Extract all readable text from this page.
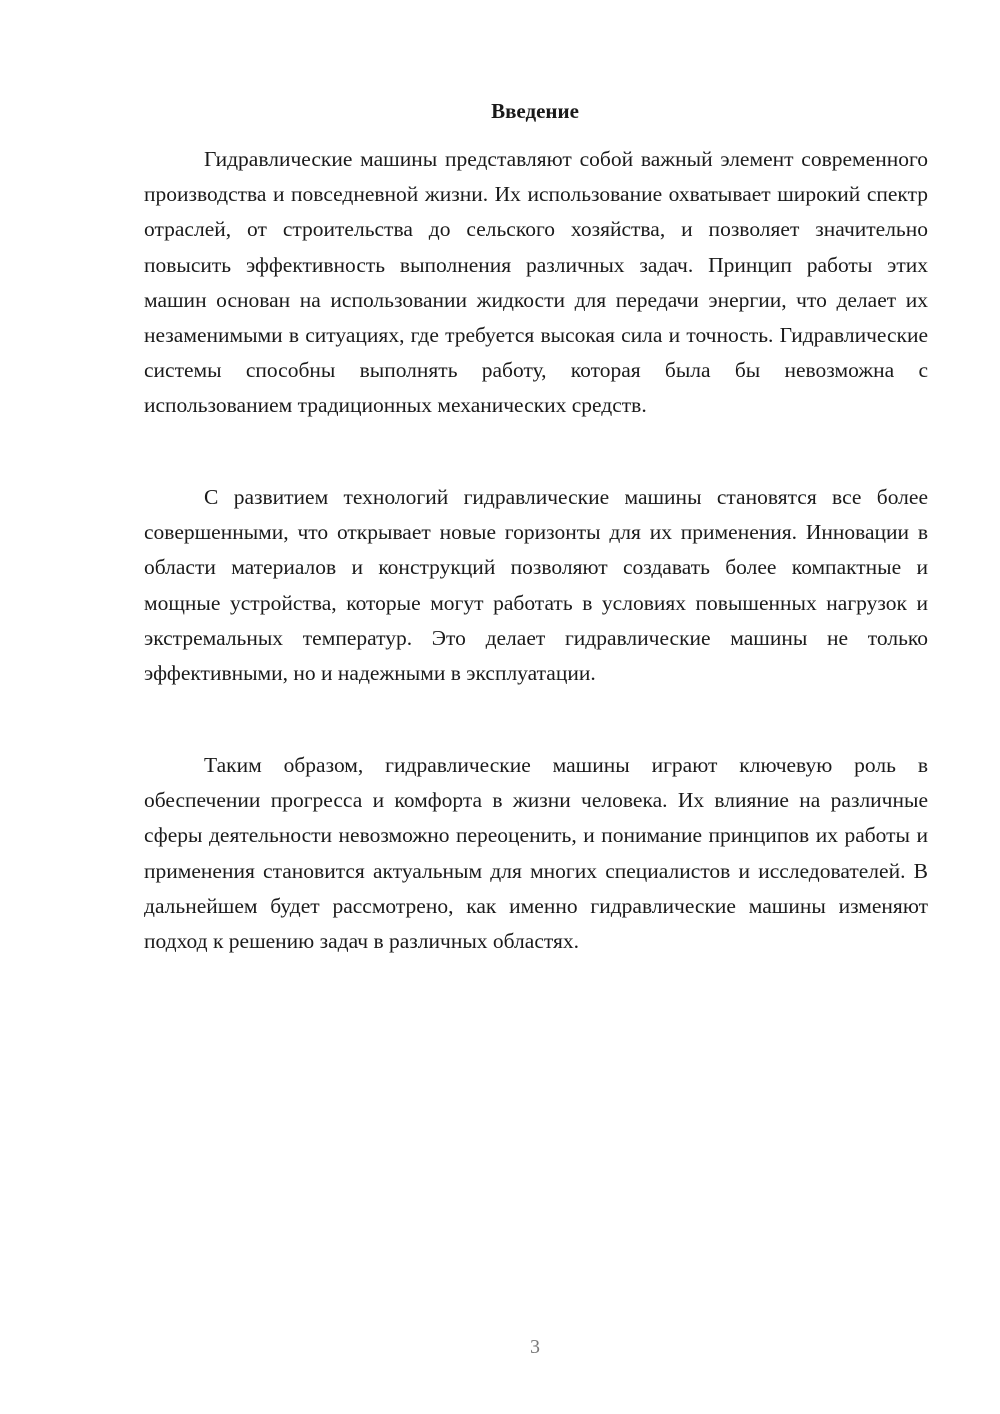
Введение

Гидравлические машины представляют собой важный элемент современного производства и повседневной жизни. Их использование охватывает широкий спектр отраслей, от строительства до сельского хозяйства, и позволяет значительно повысить эффективность выполнения различных задач. Принцип работы этих машин основан на использовании жидкости для передачи энергии, что делает их незаменимыми в ситуациях, где требуется высокая сила и точность. Гидравлические системы способны выполнять работу, которая была бы невозможна с использованием традиционных механических средств.

С развитием технологий гидравлические машины становятся все более совершенными, что открывает новые горизонты для их применения. Инновации в области материалов и конструкций позволяют создавать более компактные и мощные устройства, которые могут работать в условиях повышенных нагрузок и экстремальных температур. Это делает гидравлические машины не только эффективными, но и надежными в эксплуатации.

Таким образом, гидравлические машины играют ключевую роль в обеспечении прогресса и комфорта в жизни человека. Их влияние на различные сферы деятельности невозможно переоценить, и понимание принципов их работы и применения становится актуальным для многих специалистов и исследователей. В дальнейшем будет рассмотрено, как именно гидравлические машины изменяют подход к решению задач в различных областях.

3
